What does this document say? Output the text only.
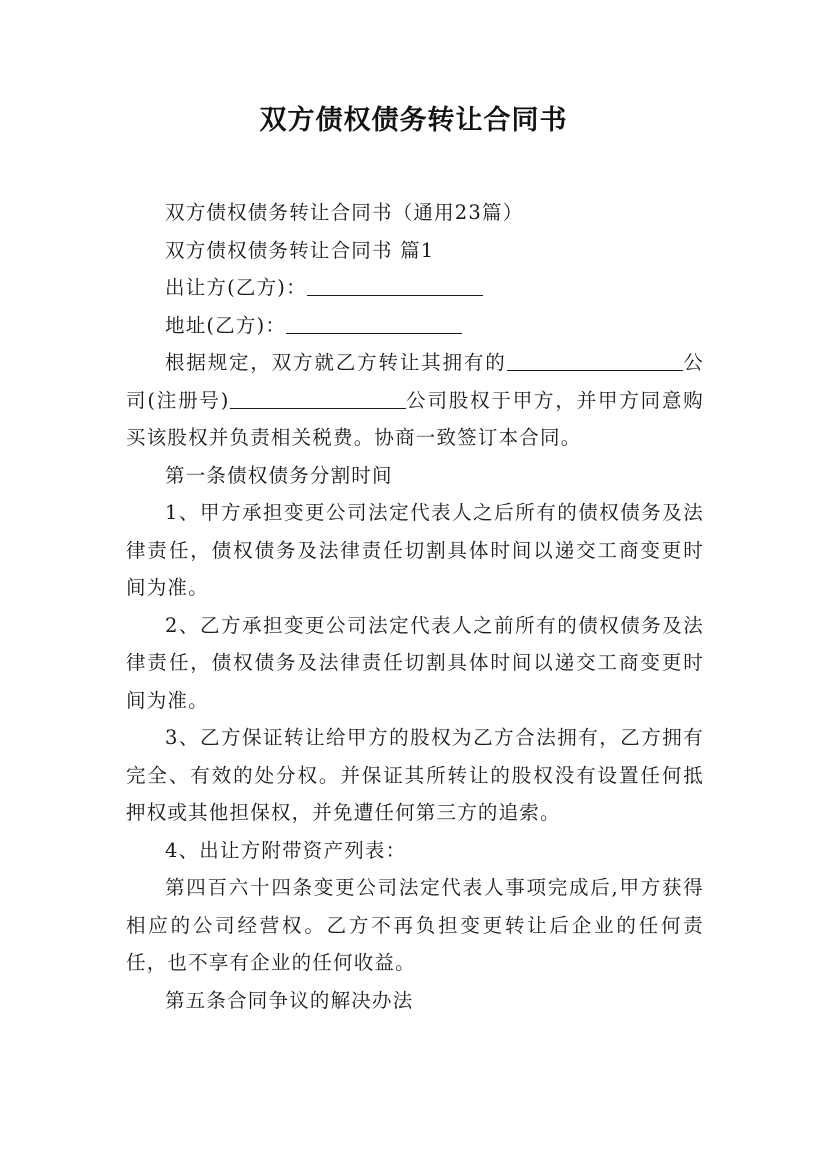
双方债权债务转让合同书

双方债权债务转让合同书（通用23篇）

双方债权债务转让合同书 篇1

出让方(乙方)：

地址(乙方)：

根据规定，双方就乙方转让其拥有的	公司(注册号)	公司股权于甲方，并甲方同意购买该股权并负责相关税费。协商一致签订本合同。

第一条债权债务分割时间

1、甲方承担变更公司法定代表人之后所有的债权债务及法律责任，债权债务及法律责任切割具体时间以递交工商变更时间为准。

2、乙方承担变更公司法定代表人之前所有的债权债务及法律责任，债权债务及法律责任切割具体时间以递交工商变更时间为准。

3、乙方保证转让给甲方的股权为乙方合法拥有，乙方拥有完全、有效的处分权。并保证其所转让的股权没有设置任何抵押权或其他担保权，并免遭任何第三方的追索。

4、出让方附带资产列表：

第四百六十四条变更公司法定代表人事项完成后,甲方获得相应的公司经营权。乙方不再负担变更转让后企业的任何责任，也不享有企业的任何收益。

第五条合同争议的解决办法
